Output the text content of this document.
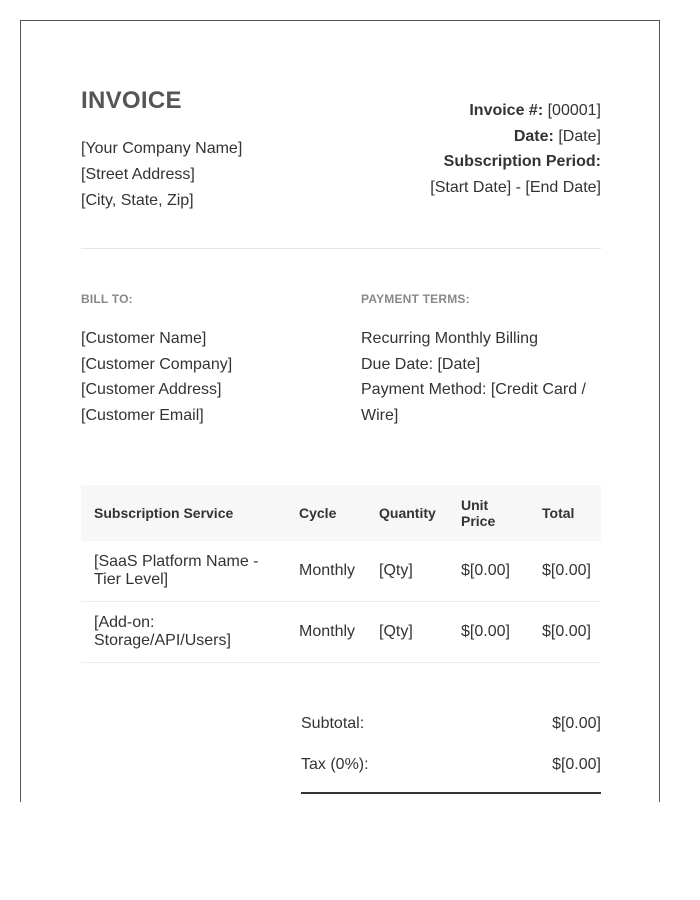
INVOICE
[Your Company Name]
[Street Address]
[City, State, Zip]
Invoice #: [00001]
Date: [Date]
Subscription Period:
[Start Date] - [End Date]
BILL TO:
[Customer Name]
[Customer Company]
[Customer Address]
[Customer Email]
PAYMENT TERMS:
Recurring Monthly Billing
Due Date: [Date]
Payment Method: [Credit Card / Wire]
Subscription Service	Cycle	Quantity	Unit Price	Total
[SaaS Platform Name - Tier Level]	Monthly	[Qty]	$[0.00]	$[0.00]
[Add-on: Storage/API/Users]	Monthly	[Qty]	$[0.00]	$[0.00]
Subtotal:	$[0.00]
Tax (0%):	$[0.00]
